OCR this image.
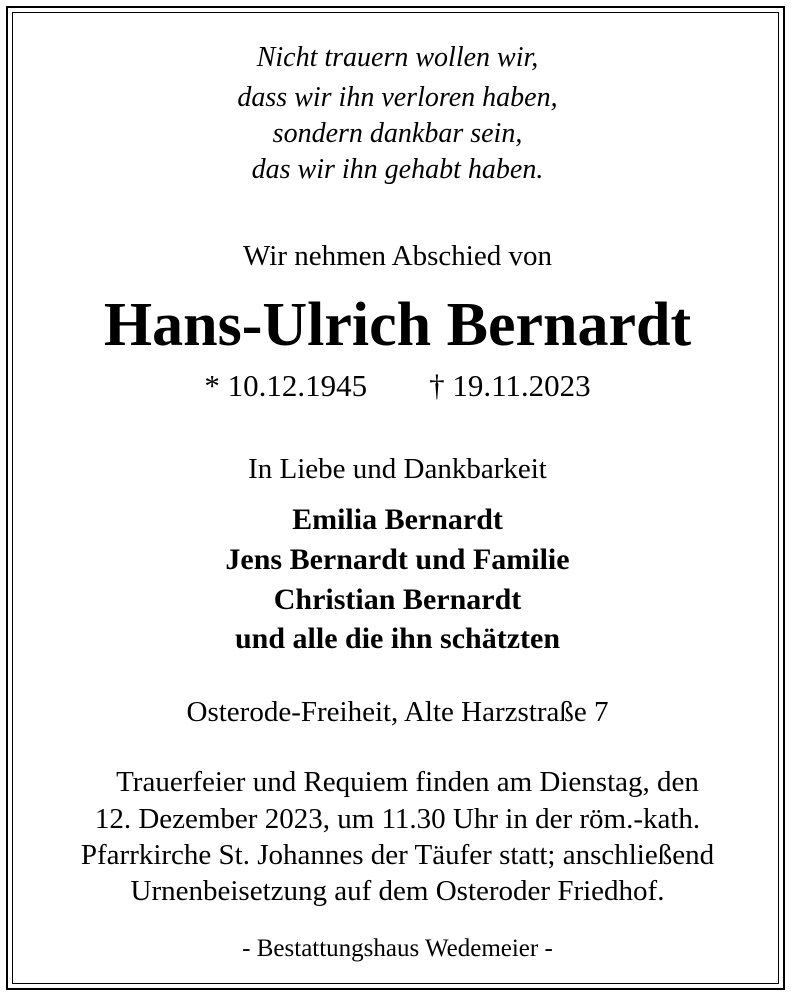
Nicht trauern wollen wir,
dass wir ihn verloren haben,
sondern dankbar sein,
das wir ihn gehabt haben.
Wir nehmen Abschied von
Hans-Ulrich Bernardt
* 10.12.1945 † 19.11.2023
In Liebe und Dankbarkeit
Emilia Bernardt
Jens Bernardt und Familie
Christian Bernardt
und alle die ihn schätzten
Osterode-Freiheit, Alte Harzstraße 7
Trauerfeier und Requiem finden am Dienstag, den
12. Dezember 2023, um 11.30 Uhr in der röm.-kath.
Pfarrkirche St. Johannes der Täufer statt; anschließend
Urnenbeisetzung auf dem Osteroder Friedhof.
- Bestattungshaus Wedemeier -
